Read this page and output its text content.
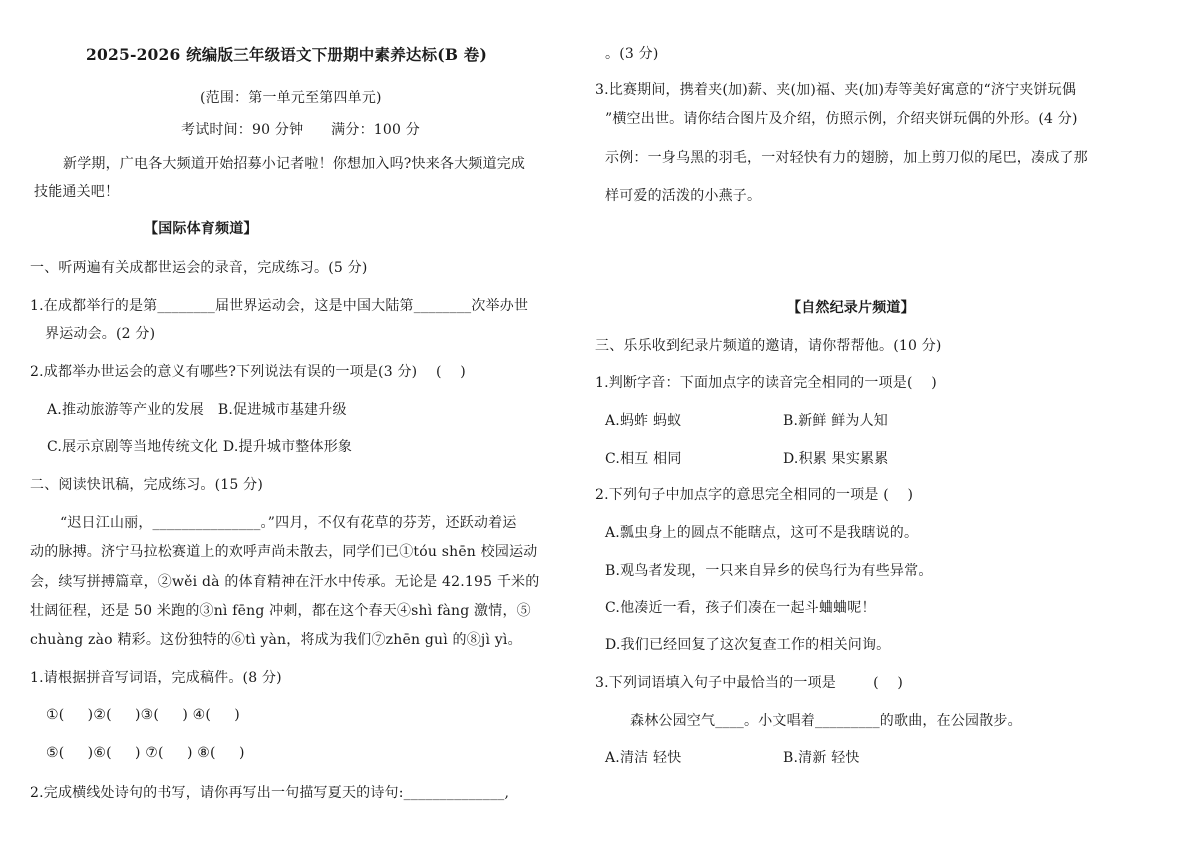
2025-2026 统编版三年级语文下册期中素养达标(B 卷)
(范围：第一单元至第四单元)
考试时间：90 分钟      满分：100 分
新学期，广电各大频道开始招募小记者啦！你想加入吗?快来各大频道完成
技能通关吧！
【国际体育频道】
一、听两遍有关成都世运会的录音，完成练习。(5 分)
1.在成都举行的是第________届世界运动会，这是中国大陆第________次举办世
界运动会。(2 分)
2.成都举办世运会的意义有哪些?下列说法有误的一项是(3 分)    (    )
A.推动旅游等产业的发展   B.促进城市基建升级
C.展示京剧等当地传统文化 D.提升城市整体形象
二、阅读快讯稿，完成练习。(15 分)
“迟日江山丽，_______________。”四月，不仅有花草的芬芳，还跃动着运
动的脉搏。济宁马拉松赛道上的欢呼声尚未散去，同学们已①tóu shēn 校园运动
会，续写拼搏篇章，②wěi dà 的体育精神在汗水中传承。无论是 42.195 千米的
壮阔征程，还是 50 米跑的③nì fēng 冲刺，都在这个春天④shì fàng 激情，⑤
chuàng zào 精彩。这份独特的⑥tì yàn，将成为我们⑦zhēn guì 的⑧jì yì。
1.请根据拼音写词语，完成稿件。(8 分)
①(     )②(     )③(     ) ④(     )
⑤(     )⑥(     ) ⑦(     ) ⑧(     )
2.完成横线处诗句的书写，请你再写出一句描写夏天的诗句:______________,
。(3 分)
3.比赛期间，携着夹(加)薪、夹(加)福、夹(加)寿等美好寓意的“济宁夹饼玩偶
”横空出世。请你结合图片及介绍，仿照示例，介绍夹饼玩偶的外形。(4 分)
示例：一身乌黑的羽毛，一对轻快有力的翅膀，加上剪刀似的尾巴，凑成了那
样可爱的活泼的小燕子。
【自然纪录片频道】
三、乐乐收到纪录片频道的邀请，请你帮帮他。(10 分)
1.判断字音：下面加点字的读音完全相同的一项是(    )
A.蚂蚱 蚂蚁	B.新鲜 鲜为人知
C.相互 相同	D.积累 果实累累
2.下列句子中加点字的意思完全相同的一项是 (    )
A.瓢虫身上的圆点不能瞎点，这可不是我瞎说的。
B.观鸟者发现，一只来自异乡的侯鸟行为有些异常。
C.他凑近一看，孩子们凑在一起斗蛐蛐呢！
D.我们已经回复了这次复查工作的相关问询。
3.下列词语填入句子中最恰当的一项是        (    )
森林公园空气____。小文唱着_________的歌曲，在公园散步。
A.清洁 轻快	B.清新 轻快
